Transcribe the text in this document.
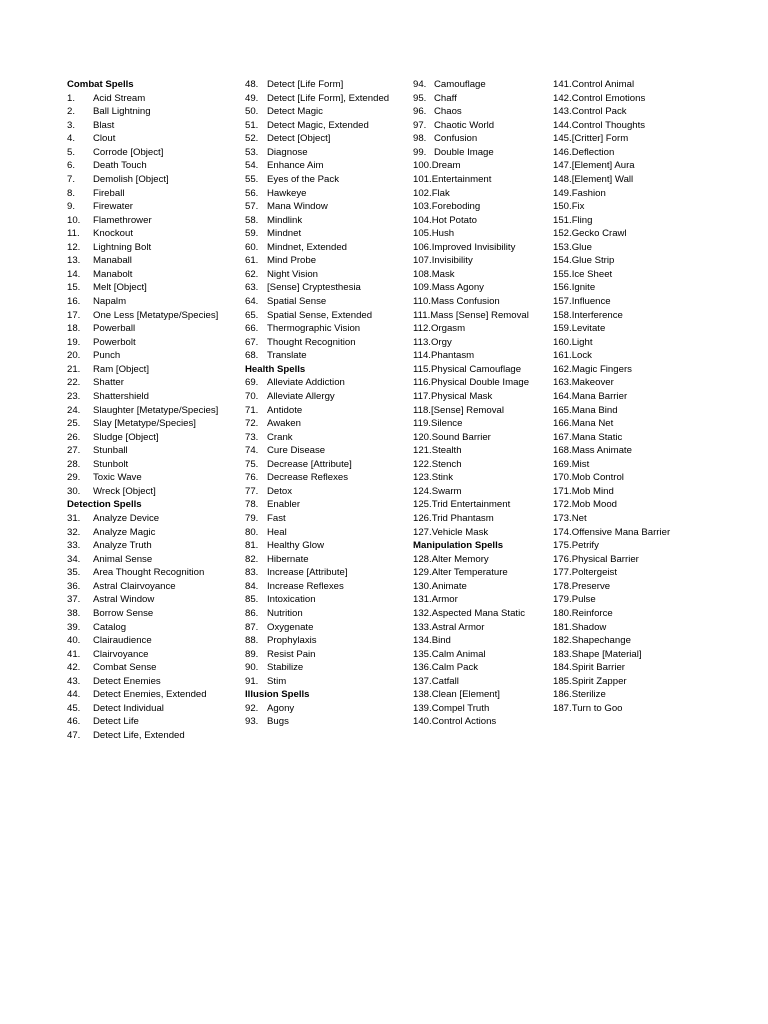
Combat Spells
1.	Acid Stream
2.	Ball Lightning
3.	Blast
4.	Clout
5.	Corrode [Object]
6.	Death Touch
7.	Demolish [Object]
8.	Fireball
9.	Firewater
10.	Flamethrower
11.	Knockout
12.	Lightning Bolt
13.	Manaball
14.	Manabolt
15.	Melt [Object]
16.	Napalm
17.	One Less [Metatype/Species]
18.	Powerball
19.	Powerbolt
20.	Punch
21.	Ram [Object]
22.	Shatter
23.	Shattershield
24.	Slaughter [Metatype/Species]
25.	Slay [Metatype/Species]
26.	Sludge [Object]
27.	Stunball
28.	Stunbolt
29.	Toxic Wave
30.	Wreck [Object]
Detection Spells
31.	Analyze Device
32.	Analyze Magic
33.	Analyze Truth
34.	Animal Sense
35.	Area Thought Recognition
36.	Astral Clairvoyance
37.	Astral Window
38.	Borrow Sense
39.	Catalog
40.	Clairaudience
41.	Clairvoyance
42.	Combat Sense
43.	Detect Enemies
44.	Detect Enemies, Extended
45.	Detect Individual
46.	Detect Life
47.	Detect Life, Extended
48. Detect [Life Form]
49. Detect [Life Form], Extended
50. Detect Magic
51. Detect Magic, Extended
52. Detect [Object]
53. Diagnose
54. Enhance Aim
55. Eyes of the Pack
56. Hawkeye
57. Mana Window
58. Mindlink
59. Mindnet
60. Mindnet, Extended
61. Mind Probe
62. Night Vision
63. [Sense] Cryptesthesia
64. Spatial Sense
65. Spatial Sense, Extended
66. Thermographic Vision
67. Thought Recognition
68. Translate
Health Spells
69. Alleviate Addiction
70. Alleviate Allergy
71. Antidote
72. Awaken
73. Crank
74. Cure Disease
75. Decrease [Attribute]
76. Decrease Reflexes
77. Detox
78. Enabler
79. Fast
80. Heal
81. Healthy Glow
82. Hibernate
83. Increase [Attribute]
84. Increase Reflexes
85. Intoxication
86. Nutrition
87. Oxygenate
88. Prophylaxis
89. Resist Pain
90. Stabilize
91. Stim
Illusion Spells
92. Agony
93. Bugs
94. Camouflage
95. Chaff
96. Chaos
97. Chaotic World
98. Confusion
99. Double Image
100. Dream
101. Entertainment
102. Flak
103. Foreboding
104. Hot Potato
105. Hush
106. Improved Invisibility
107. Invisibility
108. Mask
109. Mass Agony
110. Mass Confusion
111. Mass [Sense] Removal
112. Orgasm
113. Orgy
114. Phantasm
115. Physical Camouflage
116. Physical Double Image
117. Physical Mask
118. [Sense] Removal
119. Silence
120. Sound Barrier
121. Stealth
122. Stench
123. Stink
124. Swarm
125. Trid Entertainment
126. Trid Phantasm
127. Vehicle Mask
Manipulation Spells
128. Alter Memory
129. Alter Temperature
130. Animate
131. Armor
132. Aspected Mana Static
133. Astral Armor
134. Bind
135. Calm Animal
136. Calm Pack
137. Catfall
138. Clean [Element]
139. Compel Truth
140. Control Actions
141. Control Animal
142. Control Emotions
143. Control Pack
144. Control Thoughts
145. [Critter] Form
146. Deflection
147. [Element] Aura
148. [Element] Wall
149. Fashion
150. Fix
151. Fling
152. Gecko Crawl
153. Glue
154. Glue Strip
155. Ice Sheet
156. Ignite
157. Influence
158. Interference
159. Levitate
160. Light
161. Lock
162. Magic Fingers
163. Makeover
164. Mana Barrier
165. Mana Bind
166. Mana Net
167. Mana Static
168. Mass Animate
169. Mist
170. Mob Control
171. Mob Mind
172. Mob Mood
173. Net
174. Offensive Mana Barrier
175. Petrify
176. Physical Barrier
177. Poltergeist
178. Preserve
179. Pulse
180. Reinforce
181. Shadow
182. Shapechange
183. Shape [Material]
184. Spirit Barrier
185. Spirit Zapper
186. Sterilize
187. Turn to Goo
